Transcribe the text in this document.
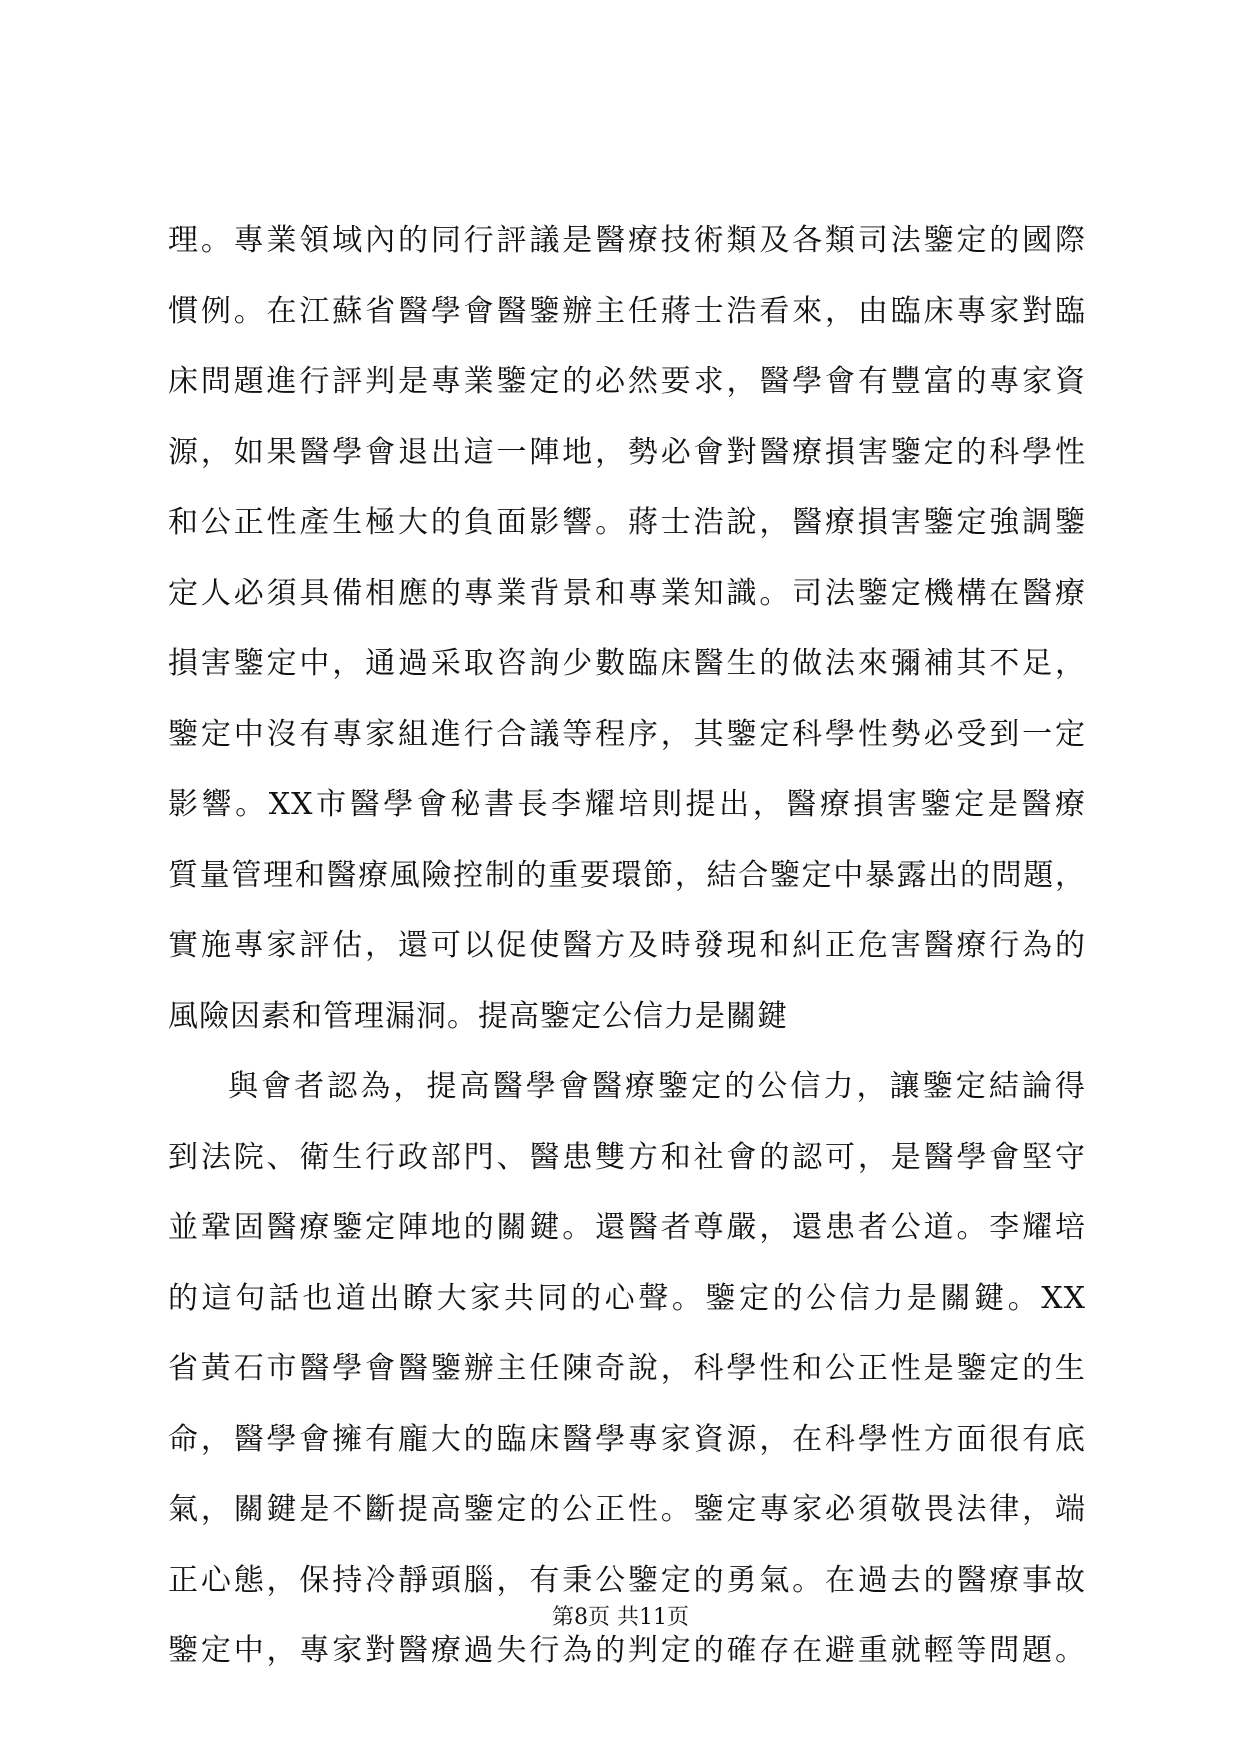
理。專業領域內的同行評議是醫療技術類及各類司法鑒定的國際
慣例。在江蘇省醫學會醫鑒辦主任蔣士浩看來，由臨床專家對臨
床問題進行評判是專業鑒定的必然要求，醫學會有豐富的專家資
源，如果醫學會退出這一陣地，勢必會對醫療損害鑒定的科學性
和公正性產生極大的負面影響。蔣士浩說，醫療損害鑒定強調鑒
定人必須具備相應的專業背景和專業知識。司法鑒定機構在醫療
損害鑒定中，通過采取咨詢少數臨床醫生的做法來彌補其不足，
鑒定中沒有專家組進行合議等程序，其鑒定科學性勢必受到一定
影響。XX市醫學會秘書長李耀培則提出，醫療損害鑒定是醫療
質量管理和醫療風險控制的重要環節，結合鑒定中暴露出的問題，
實施專家評估，還可以促使醫方及時發現和糾正危害醫療行為的
風險因素和管理漏洞。提高鑒定公信力是關鍵
與會者認為，提高醫學會醫療鑒定的公信力，讓鑒定結論得
到法院、衛生行政部門、醫患雙方和社會的認可，是醫學會堅守
並鞏固醫療鑒定陣地的關鍵。還醫者尊嚴，還患者公道。李耀培
的這句話也道出瞭大家共同的心聲。鑒定的公信力是關鍵。XX
省黃石市醫學會醫鑒辦主任陳奇說，科學性和公正性是鑒定的生
命，醫學會擁有龐大的臨床醫學專家資源，在科學性方面很有底
氣，關鍵是不斷提高鑒定的公正性。鑒定專家必須敬畏法律，端
正心態，保持冷靜頭腦，有秉公鑒定的勇氣。在過去的醫療事故
鑒定中，專家對醫療過失行為的判定的確存在避重就輕等問題。
第8页 共11页
